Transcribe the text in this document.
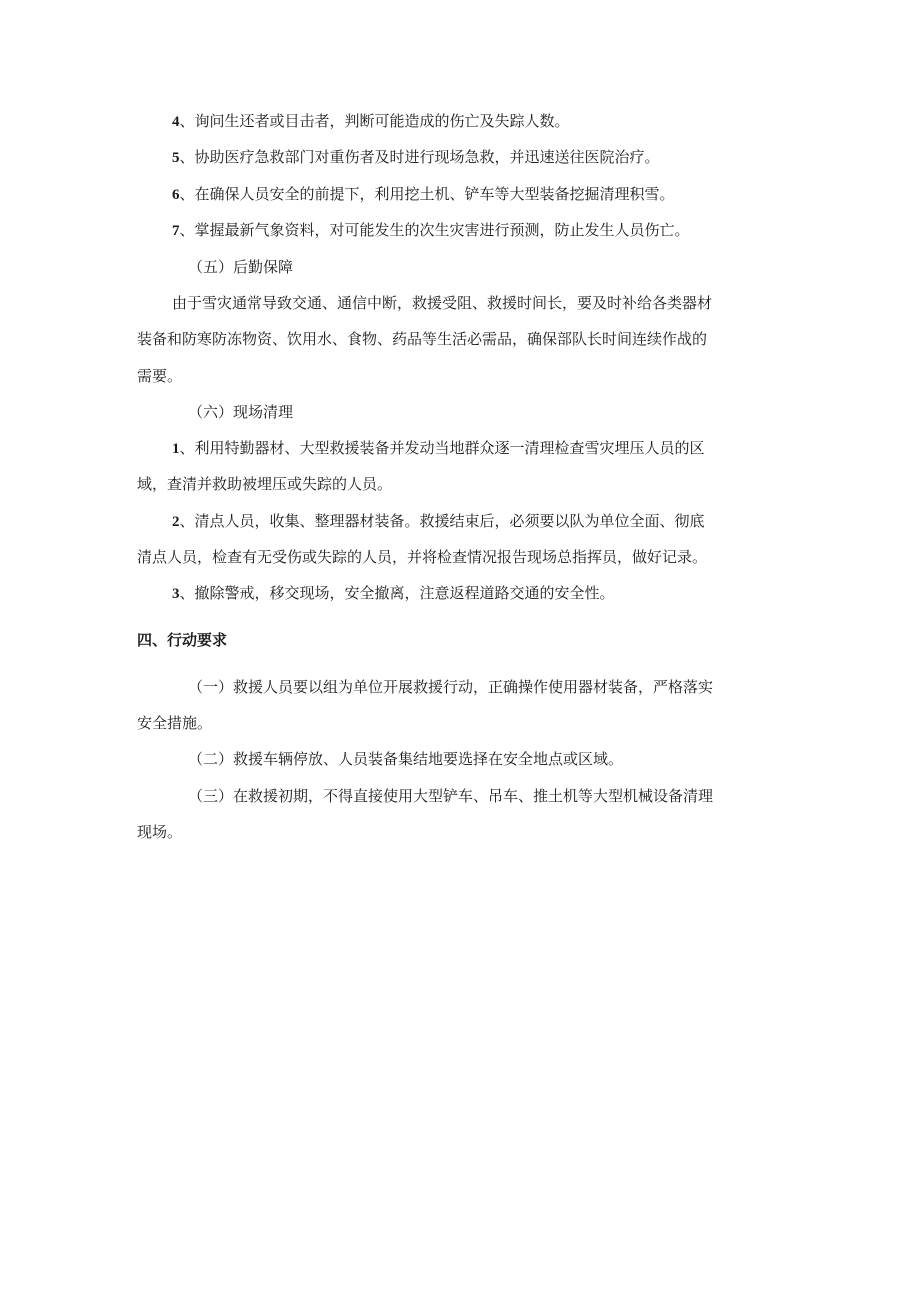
4、询问生还者或目击者，判断可能造成的伤亡及失踪人数。
5、协助医疗急救部门对重伤者及时进行现场急救，并迅速送往医院治疗。
6、在确保人员安全的前提下，利用挖土机、铲车等大型装备挖掘清理积雪。
7、掌握最新气象资料，对可能发生的次生灾害进行预测，防止发生人员伤亡。
（五）后勤保障
由于雪灾通常导致交通、通信中断，救援受阻、救援时间长，要及时补给各类器材
装备和防寒防冻物资、饮用水、食物、药品等生活必需品，确保部队长时间连续作战的
需要。
（六）现场清理
1、利用特勤器材、大型救援装备并发动当地群众逐一清理检查雪灾埋压人员的区
域，查清并救助被埋压或失踪的人员。
2、清点人员，收集、整理器材装备。救援结束后，必须要以队为单位全面、彻底
清点人员，检查有无受伤或失踪的人员，并将检查情况报告现场总指挥员，做好记录。
3、撤除警戒，移交现场，安全撤离，注意返程道路交通的安全性。
四、行动要求
（一）救援人员要以组为单位开展救援行动，正确操作使用器材装备，严格落实
安全措施。
（二）救援车辆停放、人员装备集结地要选择在安全地点或区域。
（三）在救援初期，不得直接使用大型铲车、吊车、推土机等大型机械设备清理
现场。
